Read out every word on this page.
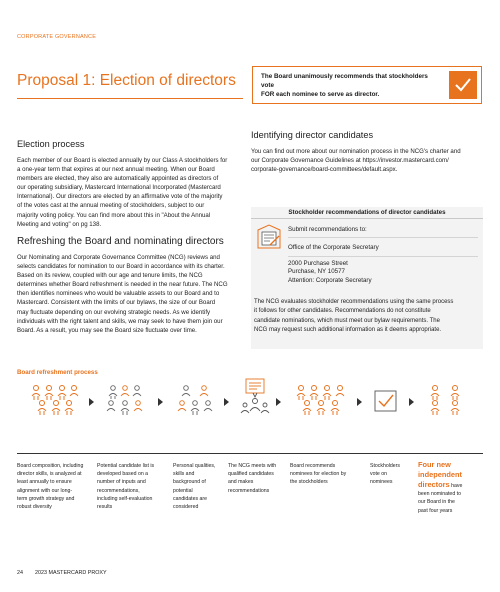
CORPORATE GOVERNANCE
Proposal 1: Election of directors	The Board unanimously recommends that stockholders vote
FOR each nominee to serve as director.
Election process
Each member of our Board is elected annually by our Class A stockholders for
a one-year term that expires at our next annual meeting. When our Board
members are elected, they also are automatically appointed as directors of
our operating subsidiary, Mastercard International Incorporated (Mastercard
International). Our directors are elected by an affirmative vote of the majority
of the votes cast at the annual meeting of stockholders, subject to our
majority voting policy. You can find more about this in "About the Annual
Meeting and voting" on pg 138.
Refreshing the Board and nominating directors
Our Nominating and Corporate Governance Committee (NCG) reviews and
selects candidates for nomination to our Board in accordance with its charter.
Based on its review, coupled with our age and tenure limits, the NCG
determines whether Board refreshment is needed in the near future. The NCG
then identifies nominees who would be valuable assets to our Board and to
Mastercard. Consistent with the limits of our bylaws, the size of our Board
may fluctuate depending on our evolving strategic needs. As we identify
individuals with the right talent and skills, we may seek to have them join our
Board. As a result, you may see the Board size fluctuate over time.
Identifying director candidates
You can find out more about our nomination process in the NCG's charter and
our Corporate Governance Guidelines at https://investor.mastercard.com/
corporate-governance/board-committees/default.aspx.
Stockholder recommendations of director candidates
Submit recommendations to:
Office of the Corporate Secretary
2000 Purchase Street
Purchase, NY 10577
Attention: Corporate Secretary
The NCG evaluates stockholder recommendations using the same process
it follows for other candidates. Recommendations do not constitute
candidate nominations, which must meet our bylaw requirements. The
NCG may request such additional information as it deems appropriate.
Board refreshment process
Board composition, including
director skills, is analyzed at
least annually to ensure
alignment with our long-
term growth strategy and
robust diversity
Potential candidate list is
developed based on a
number of inputs and
recommendations,
including self-evaluation
results
Personal qualities,
skills and
background of
potential
candidates are
considered
The NCG meets with
qualified candidates
and makes
recommendations
Board recommends
nominees for election by
the stockholders
Stockholders
vote on
nominees
Four new
independent
directors have
been nominated to
our Board in the
past four years
24 2023 MASTERCARD PROXY
